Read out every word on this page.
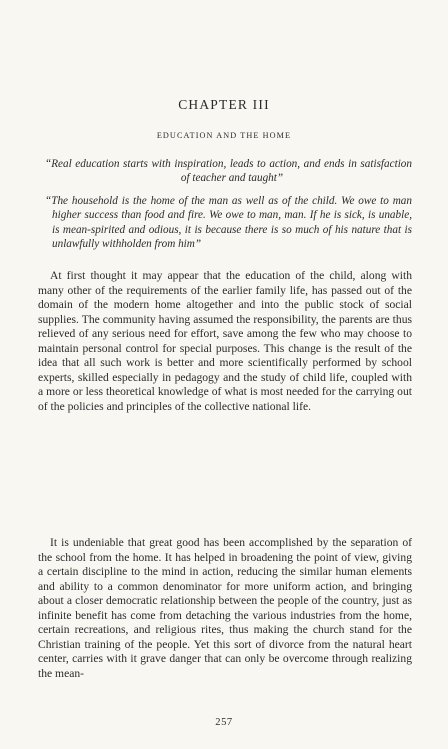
CHAPTER III
EDUCATION AND THE HOME

“Real education starts with inspiration, leads to action, and ends in satisfaction of teacher and taught”

“The household is the home of the man as well as of the child. We owe to man higher success than food and fire. We owe to man, man. If he is sick, is unable, is mean-spirited and odious, it is because there is so much of his nature that is unlawfully withholden from him”

At first thought it may appear that the education of the child, along with many other of the requirements of the earlier family life, has passed out of the domain of the modern home altogether and into the public stock of social supplies. The community having assumed the responsibility, the parents are thus relieved of any serious need for effort, save among the few who may choose to maintain personal control for special purposes. This change is the result of the idea that all such work is better and more scientifically performed by school experts, skilled especially in pedagogy and the study of child life, coupled with a more or less theoretical knowledge of what is most needed for the carrying out of the policies and principles of the collective national life.

It is undeniable that great good has been accomplished by the separation of the school from the home. It has helped in broadening the point of view, giving a certain discipline to the mind in action, reducing the similar human elements and ability to a common denominator for more uniform action, and bringing about a closer democratic relationship between the people of the country, just as infinite benefit has come from detaching the various industries from the home, certain recreations, and religious rites, thus making the church stand for the Christian training of the people. Yet this sort of divorce from the natural heart center, carries with it grave danger that can only be overcome through realizing the mean-

257
